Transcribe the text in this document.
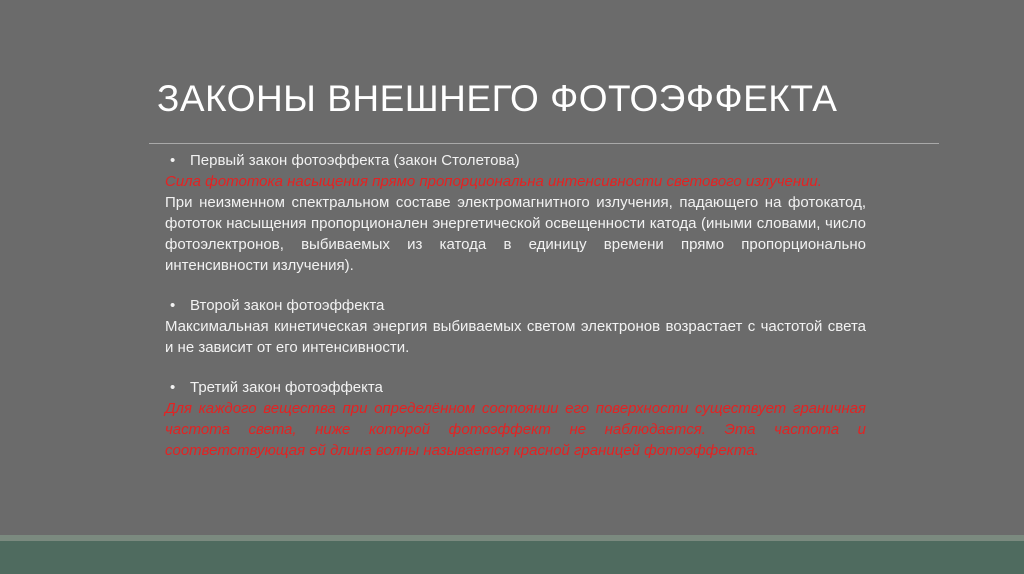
ЗАКОНЫ ВНЕШНЕГО ФОТОЭФФЕКТА
• Первый закон фотоэффекта (закон Столетова)

Сила фототока насыщения прямо пропорциональна интенсивности светового излучении.

При неизменном спектральном составе электромагнитного излучения, падающего на фотокатод, фототок насыщения пропорционален энергетической освещенности катода (иными словами, число фотоэлектронов, выбиваемых из катода в единицу времени прямо пропорционально интенсивности излучения).

• Второй закон фотоэффекта

Максимальная кинетическая энергия выбиваемых светом электронов возрастает с частотой света и не зависит от его интенсивности.

• Третий закон фотоэффекта

Для каждого вещества при определённом состоянии его поверхности существует граничная частота света, ниже которой фотоэффект не наблюдается. Эта частота и соответствующая ей длина волны называется красной границей фотоэффекта.
